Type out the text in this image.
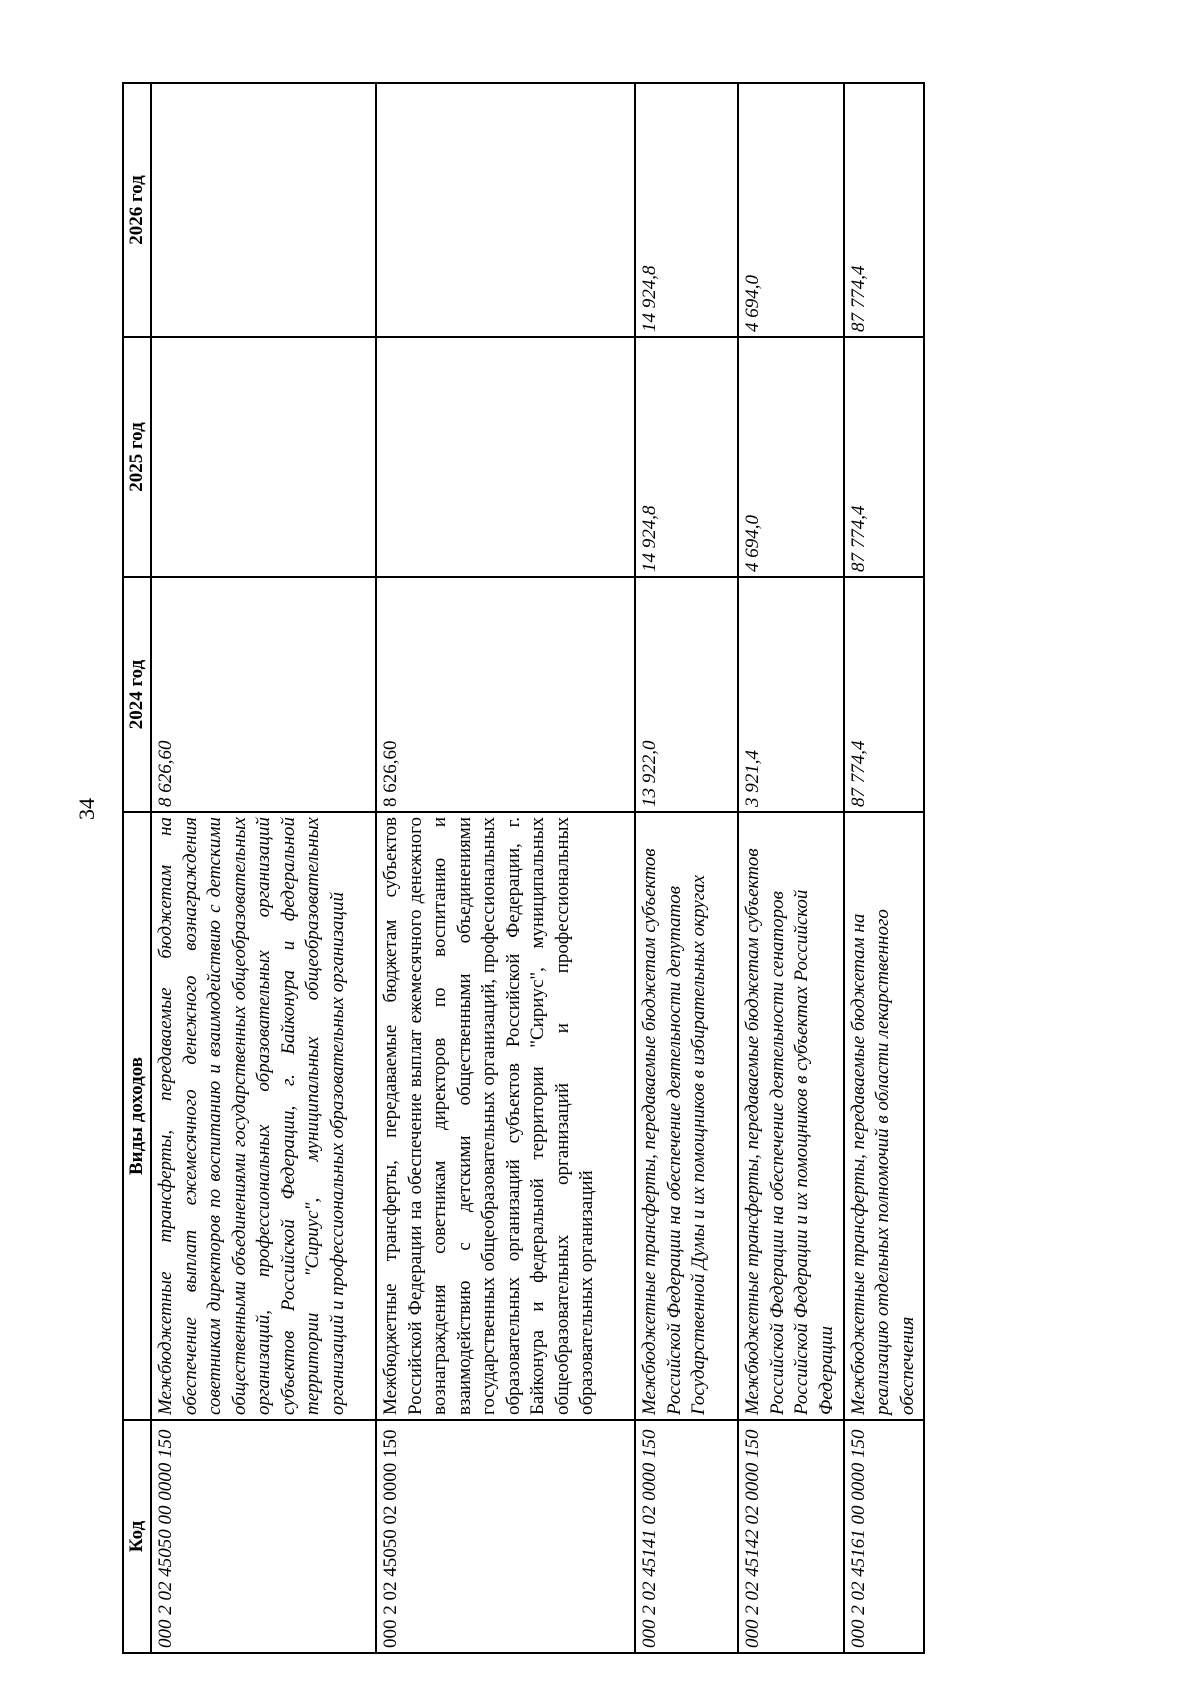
34
Код	Виды доходов	2024 год	2025 год	2026 год
000 2 02 45050 00 0000 150	Межбюджетные трансферты, передаваемые бюджетам на обеспечение выплат ежемесячного денежного вознаграждения советникам директоров по воспитанию и взаимодействию с детскими общественными объединениями государственных общеобразовательных организаций, профессиональных образовательных организаций субъектов Российской Федерации, г. Байконура и федеральной территории "Сириус", муниципальных общеобразовательных организаций и профессиональных образовательных организаций	8 626,60		
000 2 02 45050 02 0000 150	Межбюджетные трансферты, передаваемые бюджетам субъектов Российской Федерации на обеспечение выплат ежемесячного денежного вознаграждения советникам директоров по воспитанию и взаимодействию с детскими общественными объединениями государственных общеобразовательных организаций, профессиональных образовательных организаций субъектов Российской Федерации, г. Байконура и федеральной территории "Сириус", муниципальных общеобразовательных организаций и профессиональных образовательных организаций	8 626,60		
000 2 02 45141 02 0000 150	Межбюджетные трансферты, передаваемые бюджетам субъектов Российской Федерации на обеспечение деятельности депутатов Государственной Думы и их помощников в избирательных округах	13 922,0	14 924,8	14 924,8
000 2 02 45142 02 0000 150	Межбюджетные трансферты, передаваемые бюджетам субъектов Российской Федерации на обеспечение деятельности сенаторов Российской Федерации и их помощников в субъектах Российской Федерации	3 921,4	4 694,0	4 694,0
000 2 02 45161 00 0000 150	Межбюджетные трансферты, передаваемые бюджетам на реализацию отдельных полномочий в области лекарственного обеспечения	87 774,4	87 774,4	87 774,4
